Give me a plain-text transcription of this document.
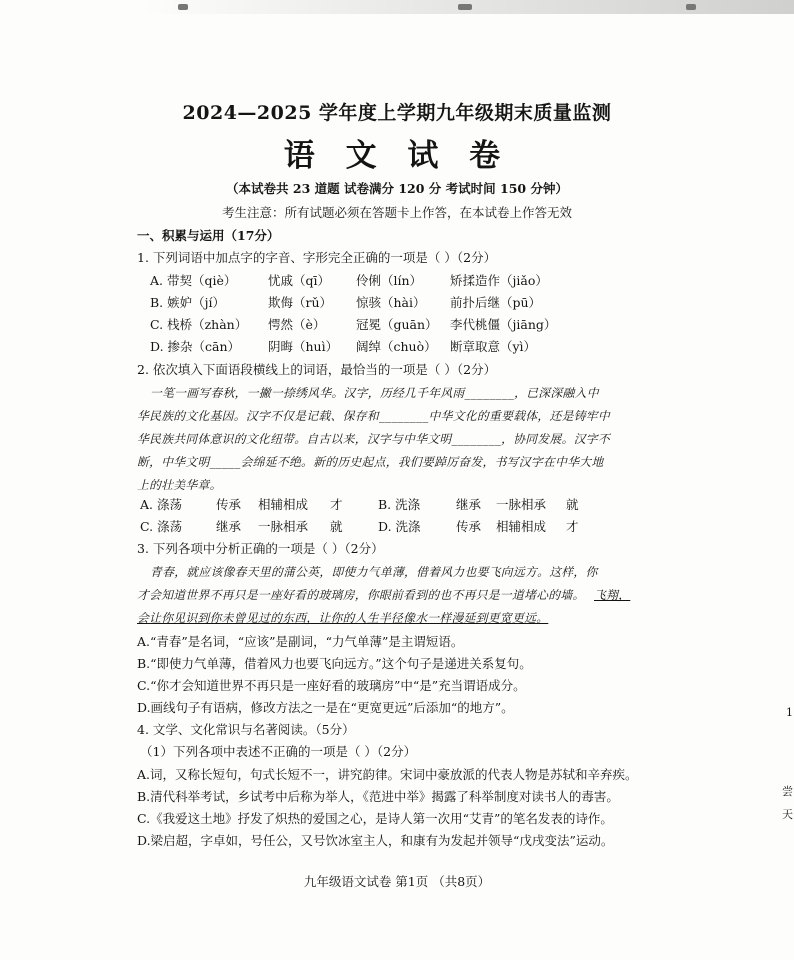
2024—2025 学年度上学期九年级期末质量监测
语 文 试 卷
（本试卷共 23 道题 试卷满分 120 分 考试时间 150 分钟）
考生注意：所有试题必须在答题卡上作答，在本试卷上作答无效
一、积累与运用（17分）
1. 下列词语中加点字的字音、字形完全正确的一项是（ ）（2分）
A. 带契（qiè）	忧戚（qī） 伶俐（lín） 矫揉造作（jiǎo）
B. 嫉妒（jí）	欺侮（rǔ） 惊骇（hài） 前扑后继（pū）
C. 栈桥（zhàn） 愕然（è） 冠冕（guān） 李代桃僵（jiāng）
D. 掺杂（cān） 阴晦（huì） 阔绰（chuò） 断章取意（yì）
2. 依次填入下面语段横线上的词语，最恰当的一项是（ ）（2分）
一笔一画写春秋，一撇一捺绣风华。汉字，历经几千年风雨________，已深深融入中
华民族的文化基因。汉字不仅是记载、保存和________中华文化的重要载体，还是铸牢中
华民族共同体意识的文化纽带。自古以来，汉字与中华文明________，协同发展。汉字不
断，中华文明_____会绵延不绝。新的历史起点，我们要踔厉奋发，书写汉字在中华大地
上的壮美华章。
A. 涤荡	传承 相辅相成 才	B. 洗涤	继承 一脉相承 就
C. 涤荡	继承 一脉相承 就	D. 洗涤	传承 相辅相成 才
3. 下列各项中分析正确的一项是（ ）（2分）
青春，就应该像春天里的蒲公英，即使力气单薄，借着风力也要飞向远方。这样，你
才会知道世界不再只是一座好看的玻璃房，你眼前看到的也不再只是一道堵心的墙。 飞翔，
会让你见识到你未曾见过的东西，让你的人生半径像水一样漫延到更宽更远。
A.“青春”是名词，“应该”是副词，“力气单薄”是主谓短语。
B.“即使力气单薄，借着风力也要飞向远方。”这个句子是递进关系复句。
C.“你才会知道世界不再只是一座好看的玻璃房”中“是”充当谓语成分。
D.画线句子有语病，修改方法之一是在“更宽更远”后添加“的地方”。
4. 文学、文化常识与名著阅读。（5分）
（1）下列各项中表述不正确的一项是（ ）（2分）
A.词，又称长短句，句式长短不一，讲究韵律。宋词中豪放派的代表人物是苏轼和辛弃疾。
B.清代科举考试，乡试考中后称为举人，《范进中举》揭露了科举制度对读书人的毒害。
C.《我爱这土地》抒发了炽热的爱国之心，是诗人第一次用“艾青”的笔名发表的诗作。
D.梁启超，字卓如，号任公，又号饮冰室主人，和康有为发起并领导“戊戌变法”运动。
九年级语文试卷 第1页 （共8页）
1
尝
天
